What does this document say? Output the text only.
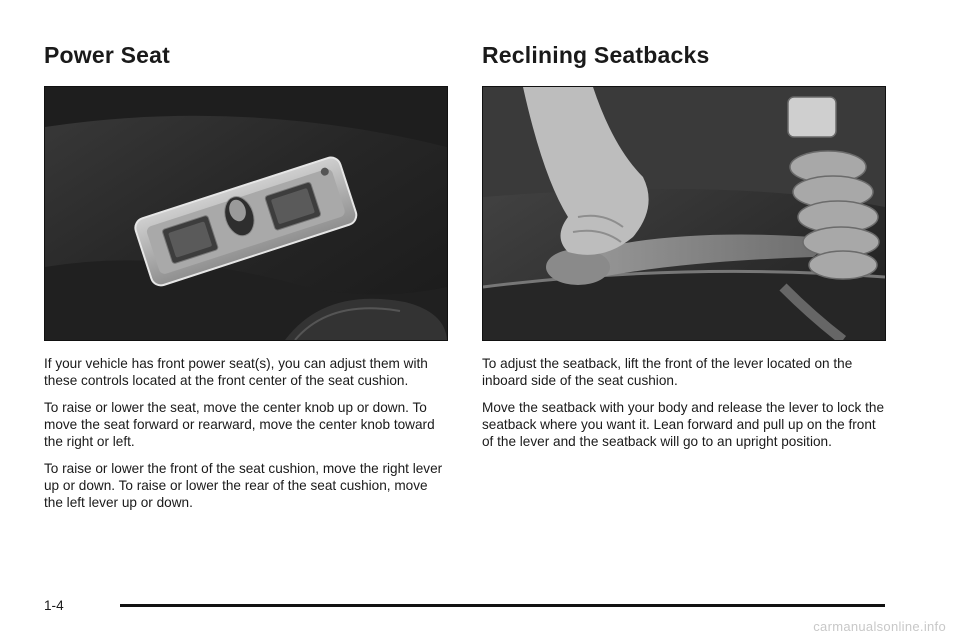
Power Seat

If your vehicle has front power seat(s), you can adjust them with these controls located at the front center of the seat cushion.

To raise or lower the seat, move the center knob up or down. To move the seat forward or rearward, move the center knob toward the right or left.

To raise or lower the front of the seat cushion, move the right lever up or down. To raise or lower the rear of the seat cushion, move the left lever up or down.

Reclining Seatbacks

To adjust the seatback, lift the front of the lever located on the inboard side of the seat cushion.

Move the seatback with your body and release the lever to lock the seatback where you want it. Lean forward and pull up on the front of the lever and the seatback will go to an upright position.

1-4
carmanualsonline.info
